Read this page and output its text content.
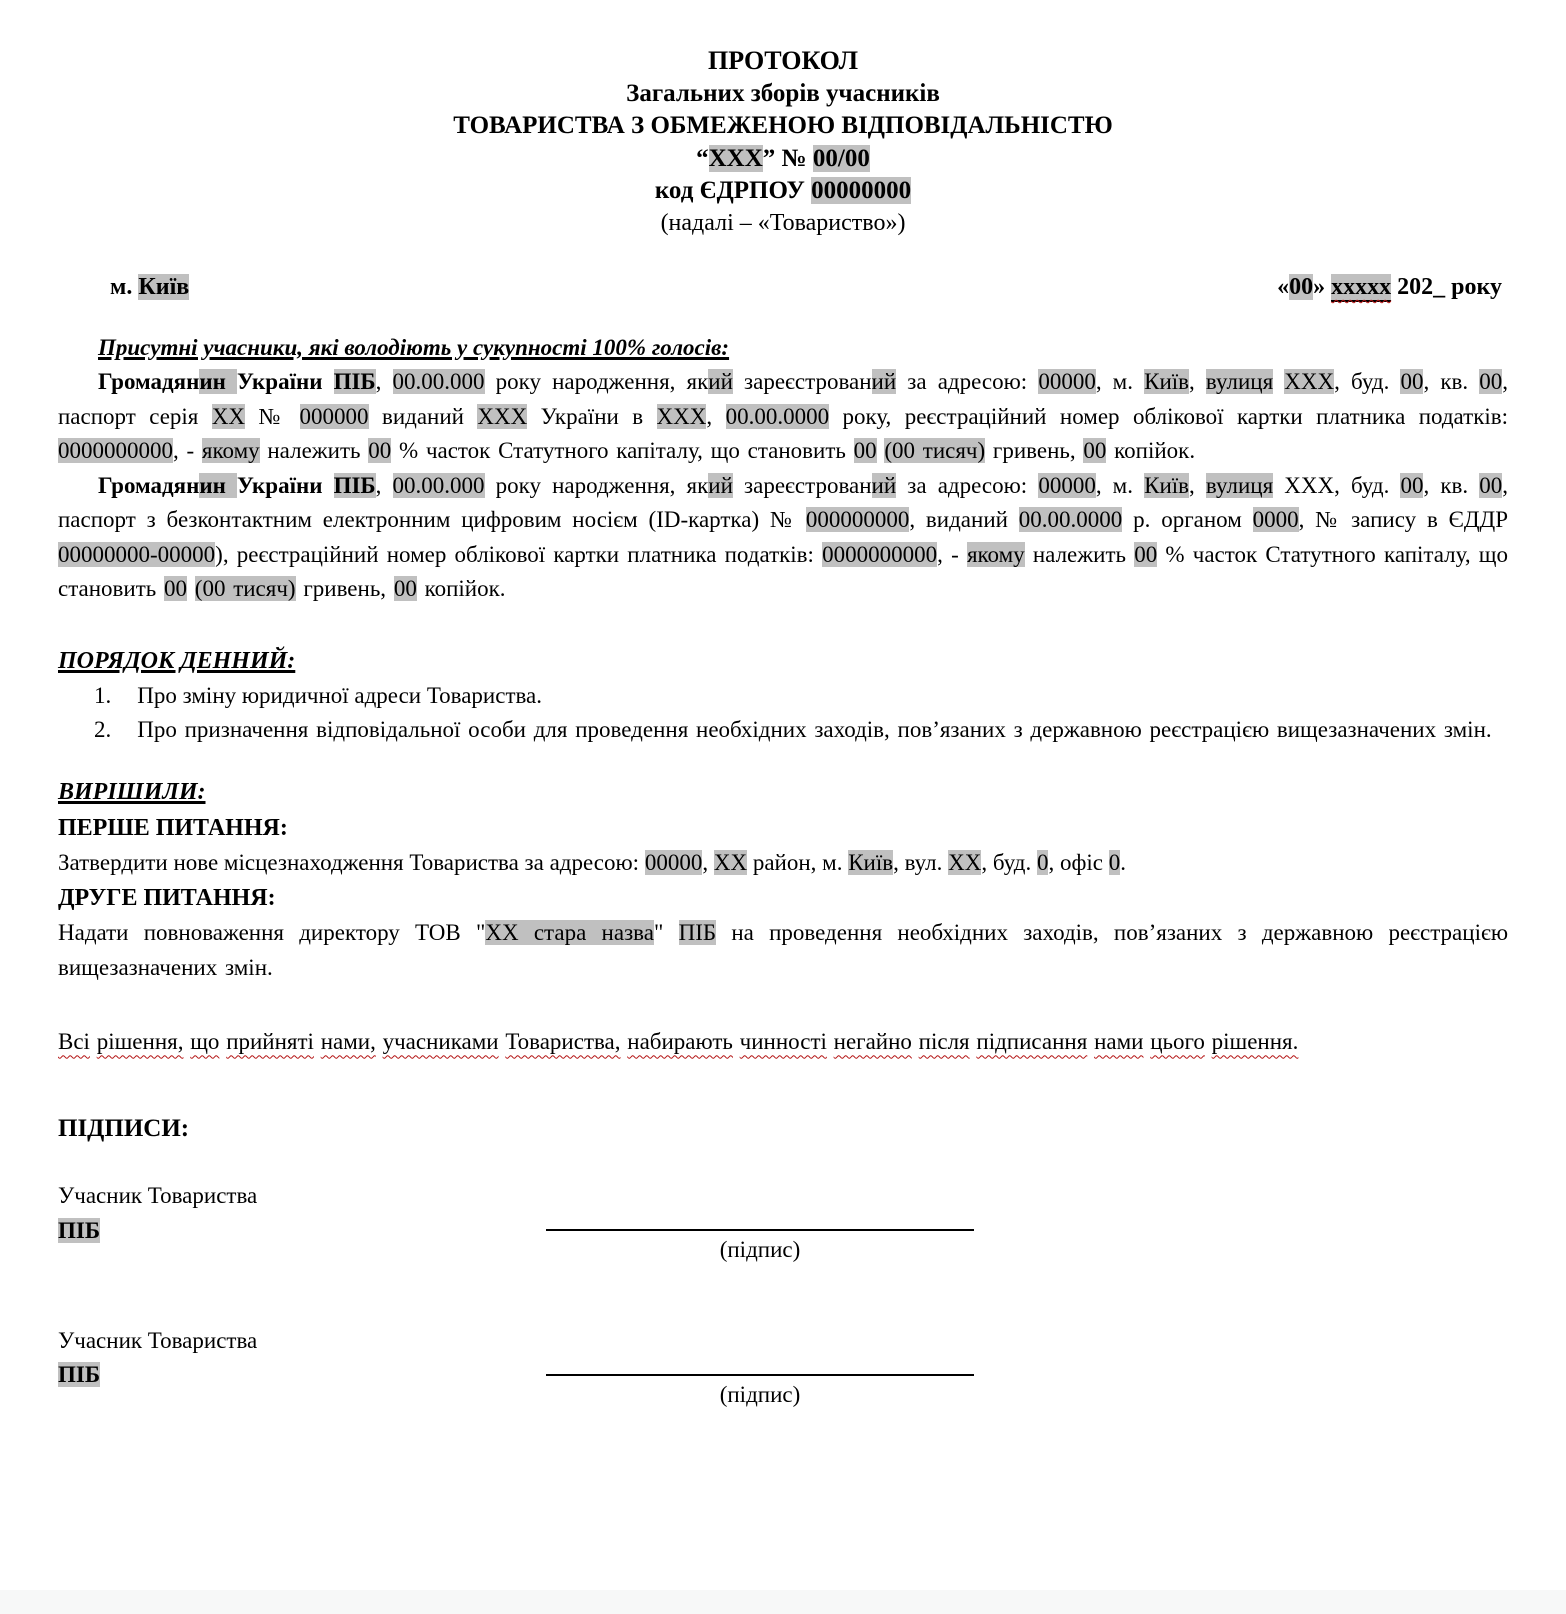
ПРОТОКОЛ
Загальних зборів учасників
ТОВАРИСТВА З ОБМЕЖЕНОЮ ВІДПОВІДАЛЬНІСТЮ
“ХХХ” № 00/00
код ЄДРПОУ 00000000
(надалі – «Товариство»)
м. Київ	«00» ххххх 202_ року
Присутні учасники, які володіють у сукупності 100% голосів:

Громадянин України ПІБ, 00.00.000 року народження, який зареєстрований за адресою: 00000, м. Київ, вулиця ХХХ, буд. 00, кв. 00, паспорт серія ХХ № 000000 виданий ХХХ України в ХХХ, 00.00.0000 року, реєстраційний номер облікової картки платника податків: 0000000000, - якому належить 00 % часток Статутного капіталу, що становить 00 (00 тисяч) гривень, 00 копійок.

Громадянин України ПІБ, 00.00.000 року народження, який зареєстрований за адресою: 00000, м. Київ, вулиця ХХХ, буд. 00, кв. 00, паспорт з безконтактним електронним цифровим носієм (ID-картка) № 000000000, виданий 00.00.0000 р. органом 0000, № запису в ЄДДР 00000000-00000), реєстраційний номер облікової картки платника податків: 0000000000, - якому належить 00 % часток Статутного капіталу, що становить 00 (00 тисяч) гривень, 00 копійок.

ПОРЯДОК ДЕННИЙ:

1. Про зміну юридичної адреси Товариства.

2. Про призначення відповідальної особи для проведення необхідних заходів, пов’язаних з державною реєстрацією вищезазначених змін.

ВИРІШИЛИ:
ПЕРШЕ ПИТАННЯ:

Затвердити нове місцезнаходження Товариства за адресою: 00000, ХХ район, м. Київ, вул. ХХ, буд. 0, офіс 0.

ДРУГЕ ПИТАННЯ:

Надати повноваження директору ТОВ "ХХ стара назва" ПІБ на проведення необхідних заходів, пов’язаних з державною реєстрацією вищезазначених змін.

Всі рішення, що прийняті нами, учасниками Товариства, набирають чинності негайно після підписання нами цього рішення.

ПІДПИСИ:
Учасник Товариства
ПІБ
(підпис)
Учасник Товариства
ПІБ
(підпис)
